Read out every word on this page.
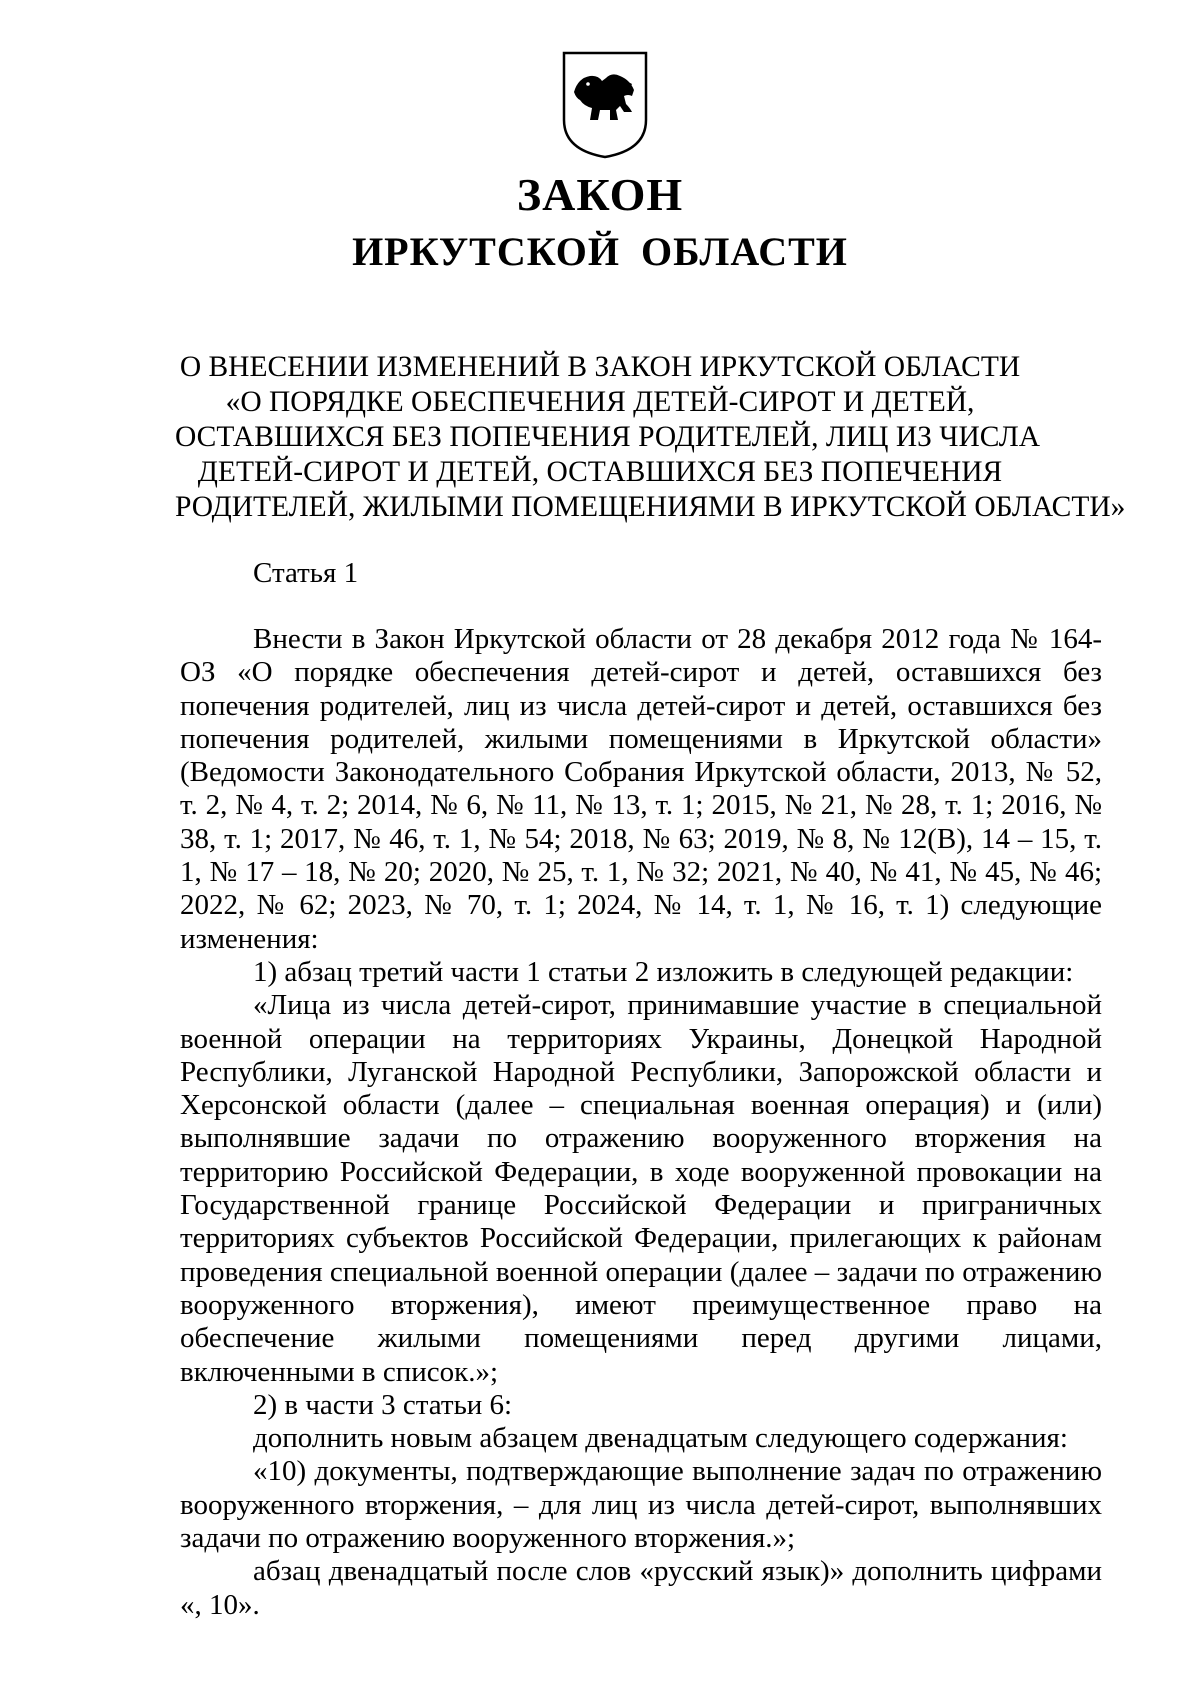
ЗАКОН
ИРКУТСКОЙ ОБЛАСТИ
О ВНЕСЕНИИ ИЗМЕНЕНИЙ В ЗАКОН ИРКУТСКОЙ ОБЛАСТИ
«О ПОРЯДКЕ ОБЕСПЕЧЕНИЯ ДЕТЕЙ-СИРОТ И ДЕТЕЙ,
ОСТАВШИХСЯ БЕЗ ПОПЕЧЕНИЯ РОДИТЕЛЕЙ, ЛИЦ ИЗ ЧИСЛА
ДЕТЕЙ-СИРОТ И ДЕТЕЙ, ОСТАВШИХСЯ БЕЗ ПОПЕЧЕНИЯ
РОДИТЕЛЕЙ, ЖИЛЫМИ ПОМЕЩЕНИЯМИ В ИРКУТСКОЙ ОБЛАСТИ»
Статья 1

Внести в Закон Иркутской области от 28 декабря 2012 года № 164-ОЗ «О порядке обеспечения детей-сирот и детей, оставшихся без попечения родителей, лиц из числа детей-сирот и детей, оставшихся без попечения родителей, жилыми помещениями в Иркутской области» (Ведомости Законодательного Собрания Иркутской области, 2013, № 52, т. 2, № 4, т. 2; 2014, № 6, № 11, № 13, т. 1; 2015, № 21, № 28, т. 1; 2016, № 38, т. 1; 2017, № 46, т. 1, № 54; 2018, № 63; 2019, № 8, № 12(В), 14 – 15, т. 1, № 17 – 18, № 20; 2020, № 25, т. 1, № 32; 2021, № 40, № 41, № 45, № 46; 2022, № 62; 2023, № 70, т. 1; 2024, № 14, т. 1, № 16, т. 1) следующие изменения:

1) абзац третий части 1 статьи 2 изложить в следующей редакции:

«Лица из числа детей-сирот, принимавшие участие в специальной военной операции на территориях Украины, Донецкой Народной Республики, Луганской Народной Республики, Запорожской области и Херсонской области (далее – специальная военная операция) и (или) выполнявшие задачи по отражению вооруженного вторжения на территорию Российской Федерации, в ходе вооруженной провокации на Государственной границе Российской Федерации и приграничных территориях субъектов Российской Федерации, прилегающих к районам проведения специальной военной операции (далее – задачи по отражению вооруженного вторжения), имеют преимущественное право на обеспечение жилыми помещениями перед другими лицами, включенными в список.»;

2) в части 3 статьи 6:

дополнить новым абзацем двенадцатым следующего содержания:

«10) документы, подтверждающие выполнение задач по отражению вооруженного вторжения, – для лиц из числа детей-сирот, выполнявших задачи по отражению вооруженного вторжения.»;

абзац двенадцатый после слов «русский язык)» дополнить цифрами «, 10».
